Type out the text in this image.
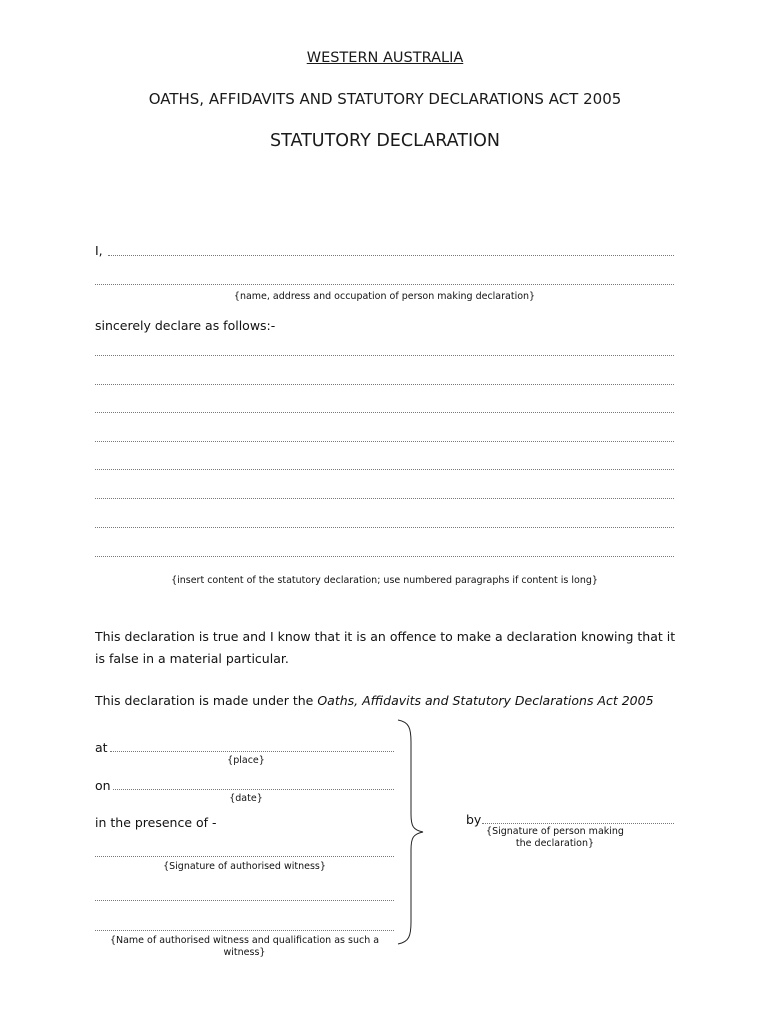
WESTERN AUSTRALIA
OATHS, AFFIDAVITS AND STATUTORY DECLARATIONS ACT 2005
STATUTORY DECLARATION
I,
{name, address and occupation of person making declaration}
sincerely declare as follows:-
{insert content of the statutory declaration; use numbered paragraphs if content is long}
This declaration is true and I know that it is an offence to make a declaration knowing that it is false in a material particular.
This declaration is made under the Oaths, Affidavits and Statutory Declarations Act 2005
at
{place}
on
{date}
in the presence of -
{Signature of authorised witness}
{Name of authorised witness and qualification as such a witness}
by
{Signature of person making the declaration}
